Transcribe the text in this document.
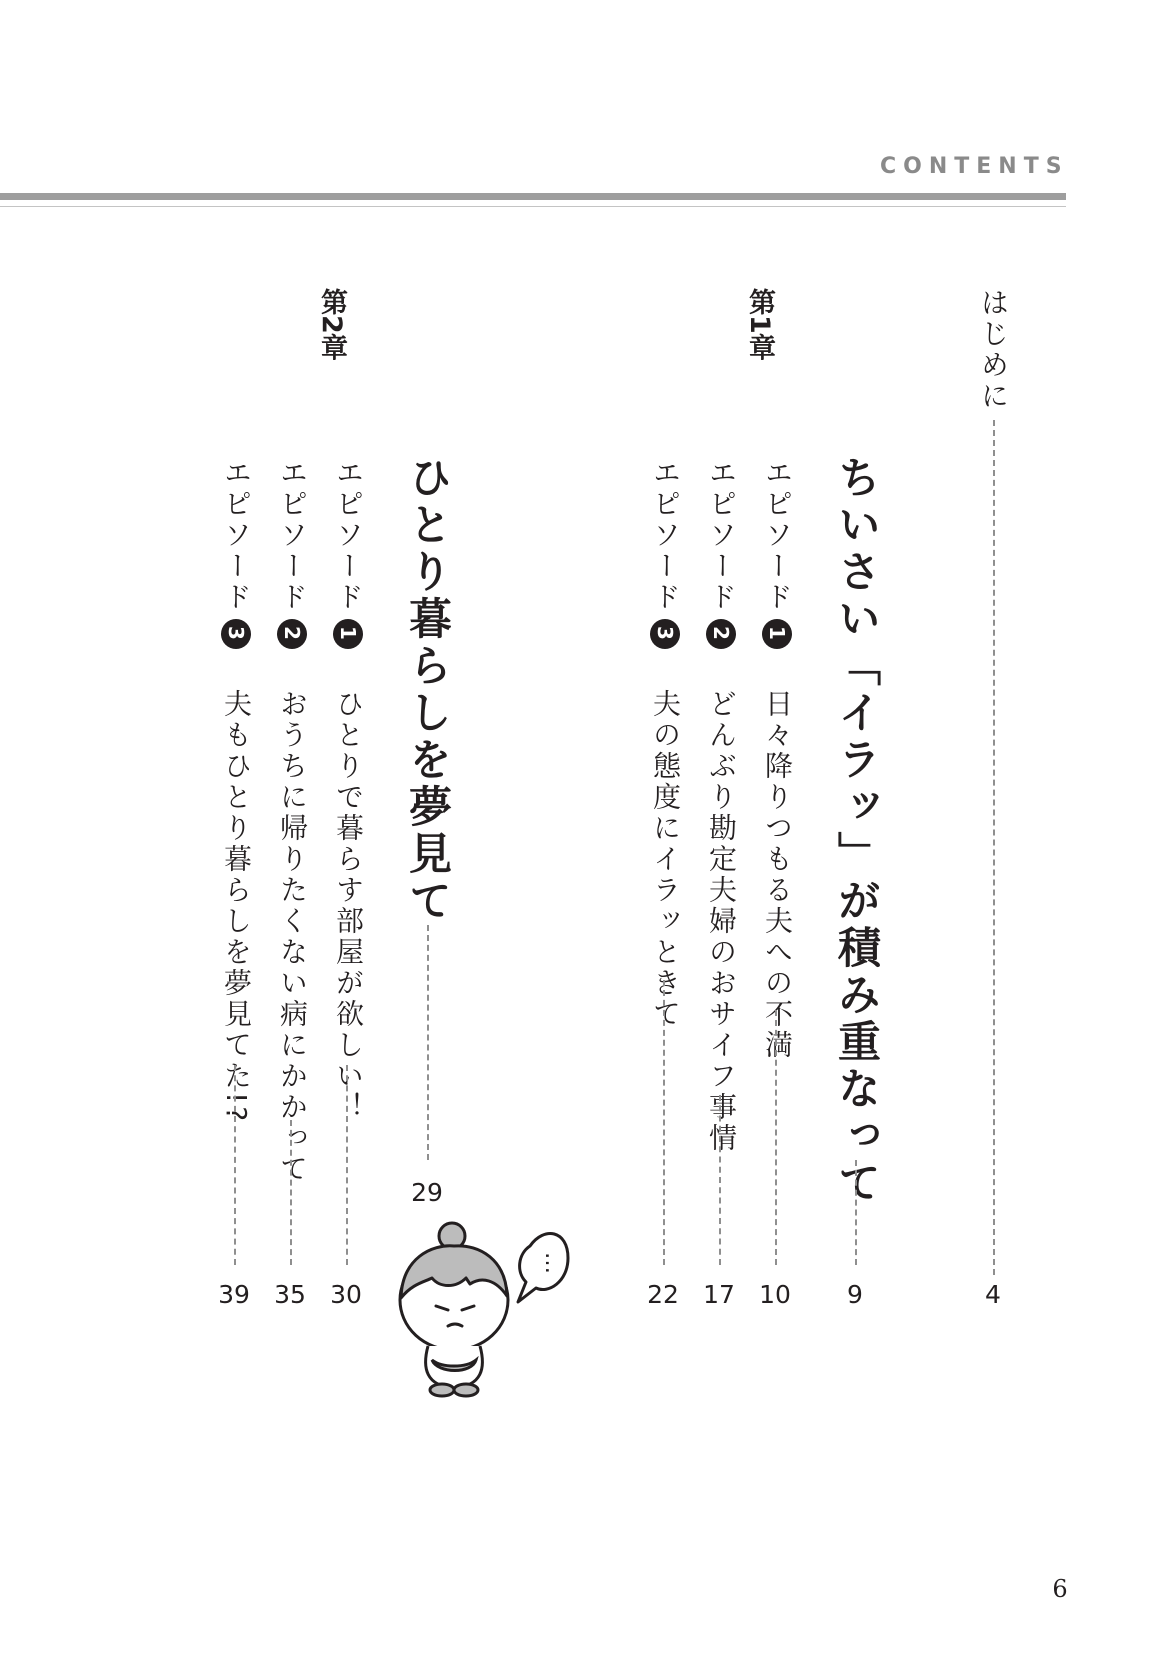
CONTENTS
はじめに
4
第1章
ちいさい「イラッ」が積み重なって
9
エピソード1日々降りつもる夫への不満
10
エピソード2どんぶり勘定夫婦のおサイフ事情
17
エピソード3夫の態度にイラッときて
22
第2章
ひとり暮らしを夢見て
29
エピソード1ひとりで暮らす部屋が欲しい！
30
エピソード2おうちに帰りたくない病にかかって
35
エピソード3夫もひとり暮らしを夢見てた!?
39
…
6
